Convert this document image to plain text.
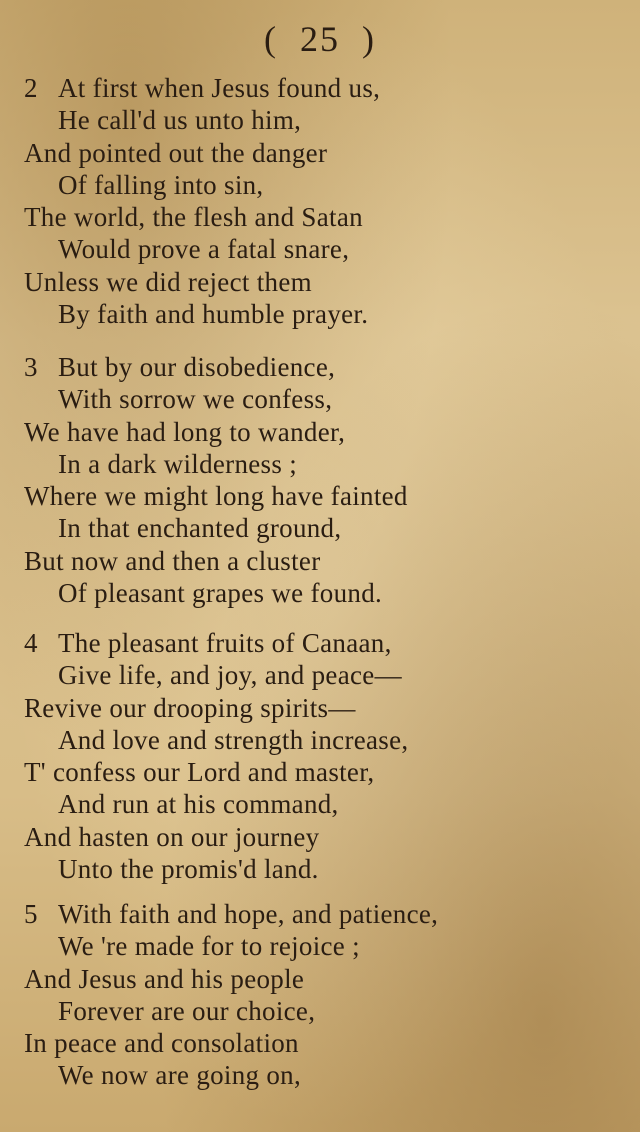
( 25 )
2 At first when Jesus found us,
He call'd us unto him,
And pointed out the danger
Of falling into sin,
The world, the flesh and Satan
Would prove a fatal snare,
Unless we did reject them
By faith and humble prayer.
3 But by our disobedience,
With sorrow we confess,
We have had long to wander,
In a dark wilderness ;
Where we might long have fainted
In that enchanted ground,
But now and then a cluster
Of pleasant grapes we found.
4 The pleasant fruits of Canaan,
Give life, and joy, and peace—
Revive our drooping spirits—
And love and strength increase,
T' confess our Lord and master,
And run at his command,
And hasten on our journey
Unto the promis'd land.
5 With faith and hope, and patience,
We 're made for to rejoice ;
And Jesus and his people
Forever are our choice,
In peace and consolation
We now are going on,
